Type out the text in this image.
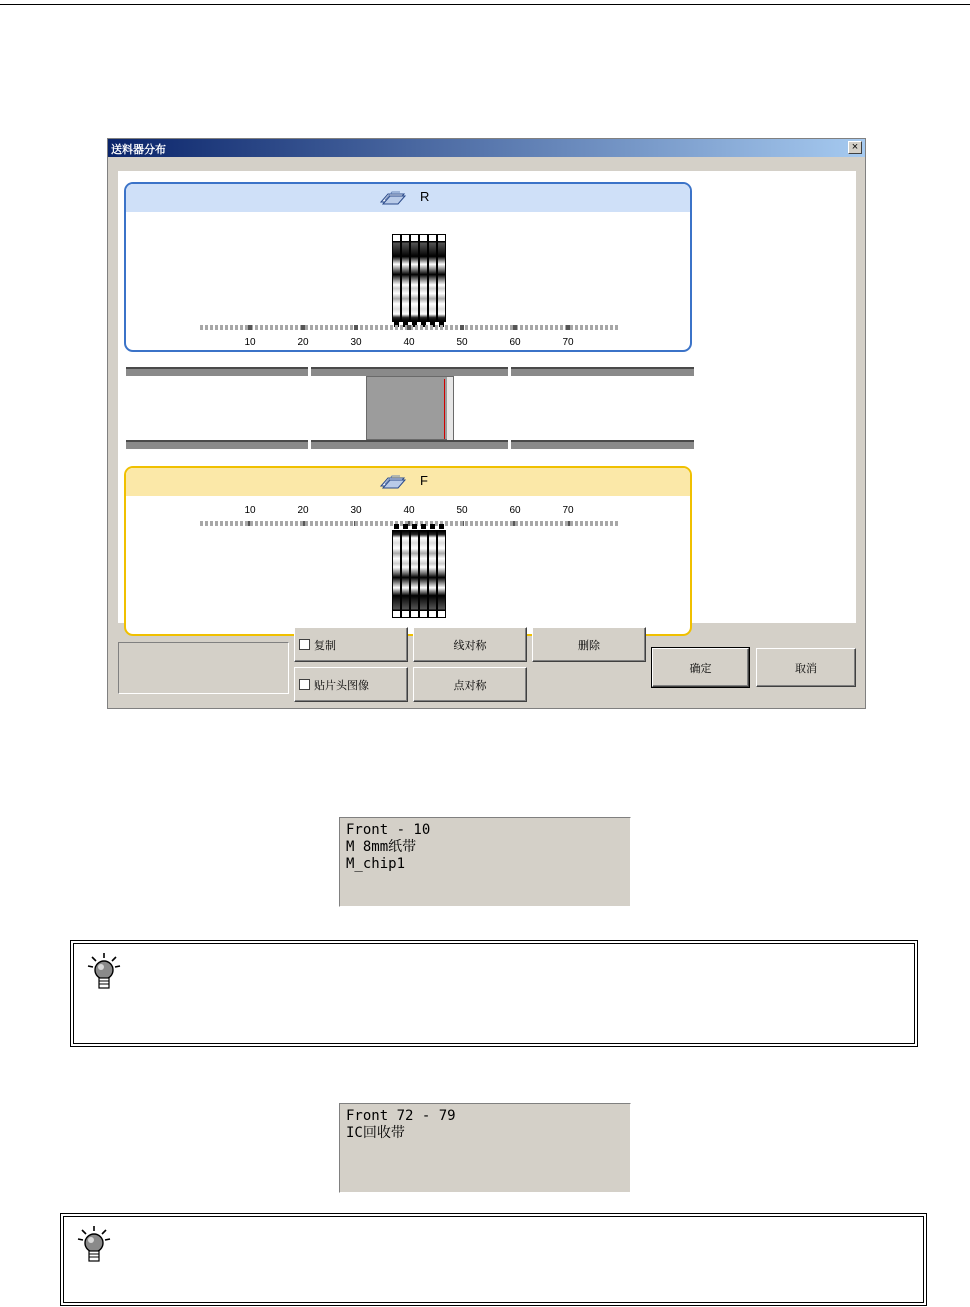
送料器分布	×
R
10	20	30	40	50	60	70
F
10	20	30	40	50	60	70
复制	线对称	删除
贴片头图像	点对称
确定	取消
Front - 10
M 8mm纸带
M_chip1
Front 72 - 79
IC回收带
